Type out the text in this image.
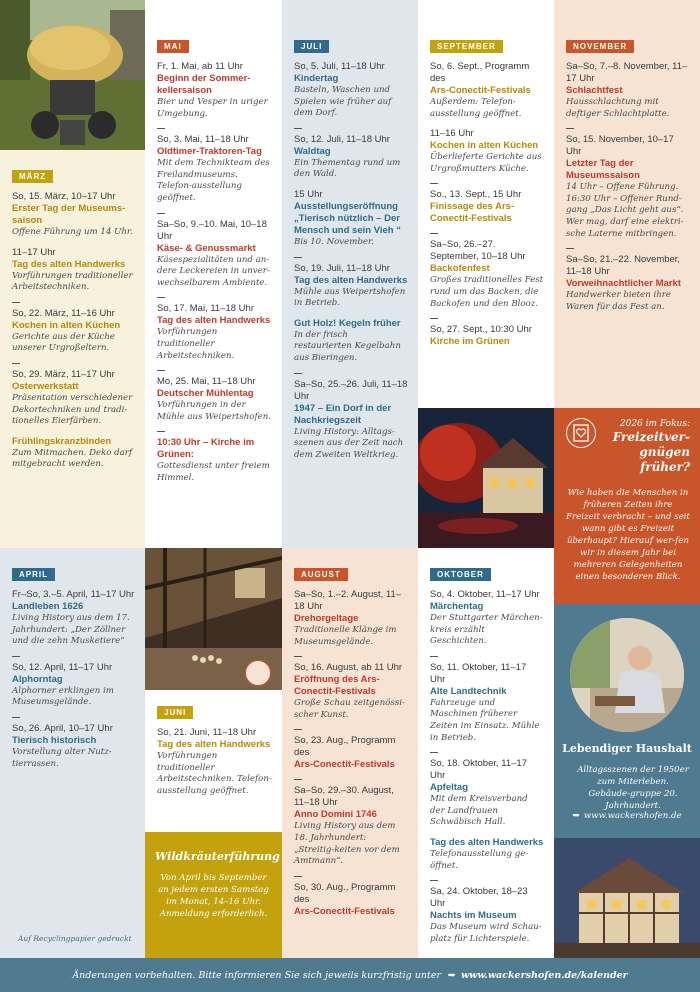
MAI
Fr, 1. Mai, ab 11 Uhr
Beginn der Sommer-kellersaison
Bier und Vesper in uriger Umgebung.
So, 3. Mai, 11–18 Uhr
Oldtimer-Traktoren-Tag
Mit dem Technikteam des Freilandmuseums. Telefon-ausstellung geöffnet.
Sa–So, 9.–10. Mai, 10–18 Uhr
Käse- & Genussmarkt
Käsespezialitäten und an-dere Leckereien in unver-wechselbarem Ambiente.
So, 17. Mai, 11–18 Uhr
Tag des alten Handwerks
Vorführungen traditioneller Arbeitstechniken.
Mo, 25. Mai, 11–18 Uhr
Deutscher Mühlentag
Vorführungen in der Mühle aus Weipertshofen.
10:30 Uhr – Kirche im Grünen:
Gottesdienst unter freiem Himmel.
JULI
So, 5. Juli, 11–18 Uhr
Kindertag
Basteln, Waschen und Spielen wie früher auf dem Dorf.
So, 12. Juli, 11–18 Uhr
Waldtag
Ein Thementag rund um den Wald.
15 Uhr
Ausstellungseröffnung „Tierisch nützlich – Der Mensch und sein Vieh “
Bis 10. November.
So, 19. Juli, 11–18 Uhr
Tag des alten Handwerks
Mühle aus Weipertshofen in Betrieb.
Gut Holz! Kegeln früher
In der frisch restaurierten Kegelbahn aus Bieringen.
Sa–So, 25.–26. Juli, 11–18 Uhr
1947 – Ein Dorf in der Nachkriegszeit
Living History: Alltags-szenen aus der Zeit nach dem Zweiten Weltkrieg.
SEPTEMBER
So, 6. Sept., Programm des
Ars-Conectit-Festivals
Außerdem: Telefon-ausstellung geöffnet.
11–16 Uhr
Kochen in alten Küchen
Überlieferte Gerichte aus Urgroßmutters Küche.
So., 13. Sept., 15 Uhr
Finissage des Ars-Conectit-Festivals
Sa–So, 26.–27. September, 10–18 Uhr
Backofenfest
Großes traditionelles Fest rund um das Backen, die Backofen und den Blooz.
So, 27. Sept., 10:30 Uhr
Kirche im Grünen
NOVEMBER
Sa–So, 7.–8. November, 11–17 Uhr
Schlachtfest
Hausschlachtung mit deftiger Schlachtplatte.
So, 15. November, 10–17 Uhr
Letzter Tag der Museumssaison
14 Uhr – Offene Führung. 16:30 Uhr – Offener Rund-gang „Das Licht geht aus“. Wer mag, darf eine elektri-sche Laterne mitbringen.
Sa–So, 21.–22. November, 11–18 Uhr
Vorweihnachtlicher Markt
Handwerker bieten ihre Waren für das Fest an.
MÄRZ
So, 15. März, 10–17 Uhr
Erster Tag der Museums-saison
Offene Führung um 14 Uhr.
11–17 Uhr
Tag des alten Handwerks
Vorführungen traditioneller Arbeitstechniken.
So, 22. März, 11–16 Uhr
Kochen in alten Küchen
Gerichte aus der Küche unserer Urgroßeltern.
So, 29. März, 11–17 Uhr
Osterwerkstatt
Präsentation verschiedener Dekortechniken und tradi-tionelles Eierfärben.
Frühlingskranzbinden
Zum Mitmachen. Deko darf mitgebracht werden.
2026 im Fokus:
Freizeitver-gnügen früher?
Wie haben die Menschen in früheren Zeiten ihre Freizeit verbracht – und seit wann gibt es Freizeit überhaupt? Hierauf wer-fen wir in diesem Jahr bei mehreren Gelegenheiten einen besonderen Blick.
APRIL
Fr–So, 3.–5. April, 11–17 Uhr
Landleben 1626
Living History aus dem 17. Jahrhundert: „Der Zöllner und die zehn Musketiere“
So, 12. April, 11–17 Uhr
Alphorntag
Alphorner erklingen im Museumsgelände.
So, 26. April, 10–17 Uhr
Tierisch historisch
Vorstellung alter Nutz-tierrassen.
Auf Recyclingpapier gedruckt
JUNI
So, 21. Juni, 11–18 Uhr
Tag des alten Handwerks
Vorführungen traditioneller Arbeitstechniken. Telefon-ausstellung geöffnet.
Wildkräuterführung
Von April bis September an jedem ersten Samstag im Monat, 14–16 Uhr. Anmeldung erforderlich.
AUGUST
Sa–So, 1.–2. August, 11–18 Uhr
Drehorgeltage
Traditionelle Klänge im Museumsgelände.
So, 16. August, ab 11 Uhr
Eröffnung des Ars-Conectit-Festivals
Große Schau zeitgenössi-scher Kunst.
So, 23. Aug., Programm des
Ars-Conectit-Festivals
Sa–So, 29.–30. August, 11–18 Uhr
Anno Domini 1746
Living History aus dem 18. Jahrhundert: „Streitig-keiten vor dem Amtmann“.
So, 30. Aug., Programm des
Ars-Conectit-Festivals
OKTOBER
So, 4. Oktober, 11–17 Uhr
Märchentag
Der Stuttgarter Märchen-kreis erzählt Geschichten.
So, 11. Oktober, 11–17 Uhr
Alte Landtechnik
Fahrzeuge und Maschinen früherer Zeiten im Einsatz. Mühle in Betrieb.
So, 18. Oktober, 11–17 Uhr
Apfeltag
Mit dem Kreisverband der Landfrauen Schwäbisch Hall.
Tag des alten Handwerks
Telefonausstellung ge-öffnet.
Sa, 24. Oktober, 18–23 Uhr
Nachts im Museum
Das Museum wird Schau-platz für Lichterspiele.
Lebendiger Haushalt
Alltagsszenen der 1950er zum Miterleben. Gebäude-gruppe 20. Jahrhundert.
➥ www.wackershofen.de
Änderungen vorbehalten. Bitte informieren Sie sich jeweils kurzfristig unter ➥ www.wackershofen.de/kalender
